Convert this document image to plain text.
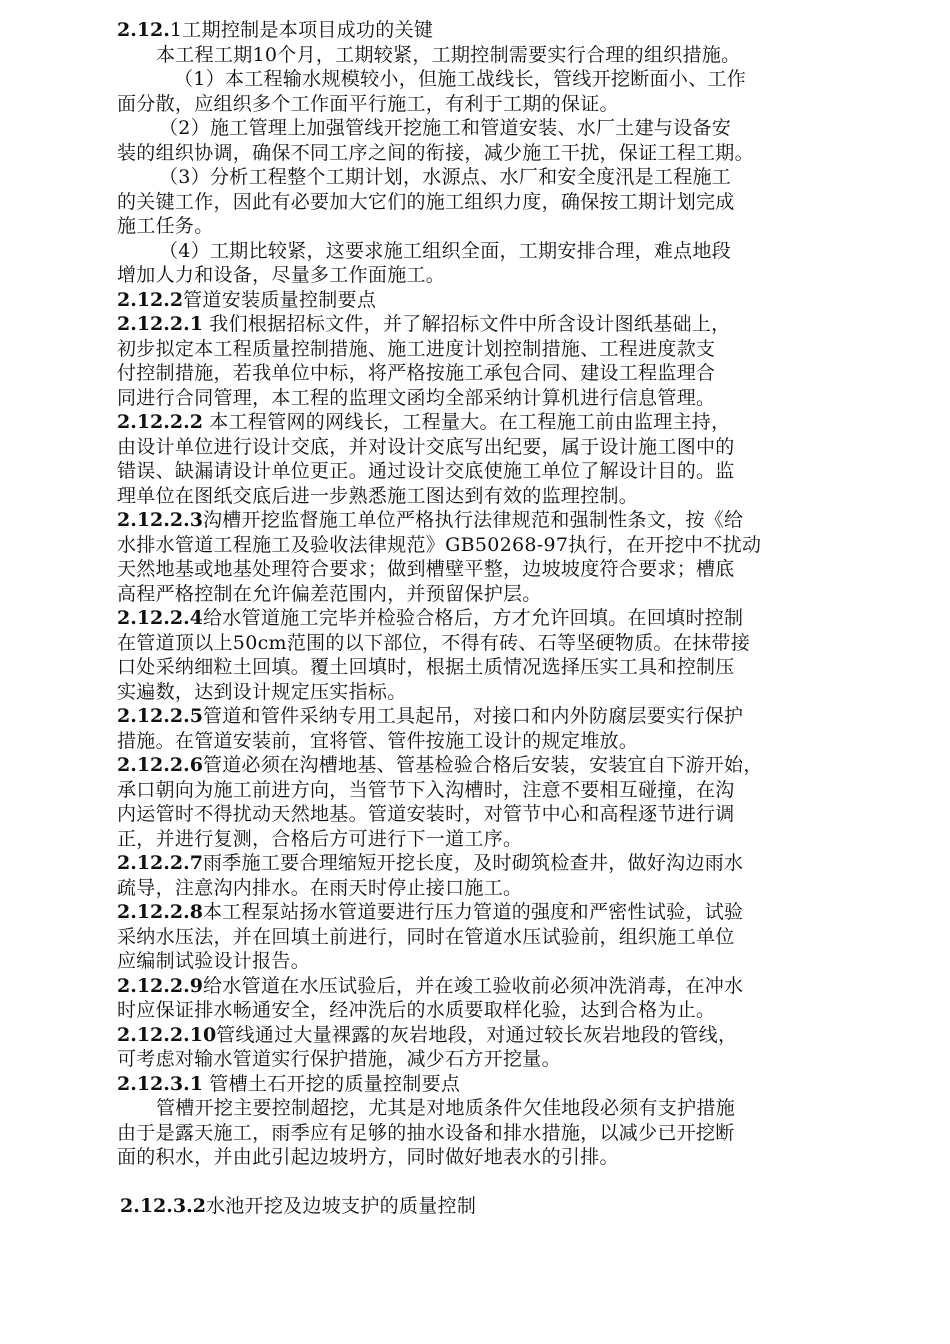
2.12.1工期控制是本项目成功的关键
本工程工期10个月，工期较紧，工期控制需要实行合理的组织措施。
（1）本工程输水规模较小，但施工战线长，管线开挖断面小、工作
面分散，应组织多个工作面平行施工，有利于工期的保证。
（2）施工管理上加强管线开挖施工和管道安装、水厂土建与设备安
装的组织协调，确保不同工序之间的衔接，减少施工干扰，保证工程工期。
（3）分析工程整个工期计划，水源点、水厂和安全度汛是工程施工
的关键工作，因此有必要加大它们的施工组织力度，确保按工期计划完成
施工任务。
（4）工期比较紧，这要求施工组织全面，工期安排合理，难点地段
增加人力和设备，尽量多工作面施工。
2.12.2管道安装质量控制要点
2.12.2.1 我们根据招标文件，并了解招标文件中所含设计图纸基础上，
初步拟定本工程质量控制措施、施工进度计划控制措施、工程进度款支
付控制措施，若我单位中标，将严格按施工承包合同、建设工程监理合
同进行合同管理，本工程的监理文函均全部采纳计算机进行信息管理。
2.12.2.2 本工程管网的网线长，工程量大。在工程施工前由监理主持，
由设计单位进行设计交底，并对设计交底写出纪要，属于设计施工图中的
错误、缺漏请设计单位更正。通过设计交底使施工单位了解设计目的。监
理单位在图纸交底后进一步熟悉施工图达到有效的监理控制。
2.12.2.3沟槽开挖监督施工单位严格执行法律规范和强制性条文，按《给
水排水管道工程施工及验收法律规范》GB50268-97执行，在开挖中不扰动
天然地基或地基处理符合要求；做到槽壁平整，边坡坡度符合要求；槽底
高程严格控制在允许偏差范围内，并预留保护层。
2.12.2.4给水管道施工完毕并检验合格后，方才允许回填。在回填时控制
在管道顶以上50cm范围的以下部位，不得有砖、石等坚硬物质。在抹带接
口处采纳细粒土回填。覆土回填时，根据土质情况选择压实工具和控制压
实遍数，达到设计规定压实指标。
2.12.2.5管道和管件采纳专用工具起吊，对接口和内外防腐层要实行保护
措施。在管道安装前，宜将管、管件按施工设计的规定堆放。
2.12.2.6管道必须在沟槽地基、管基检验合格后安装，安装宜自下游开始，
承口朝向为施工前进方向，当管节下入沟槽时，注意不要相互碰撞，在沟
内运管时不得扰动天然地基。管道安装时，对管节中心和高程逐节进行调
正，并进行复测，合格后方可进行下一道工序。
2.12.2.7雨季施工要合理缩短开挖长度，及时砌筑检查井，做好沟边雨水
疏导，注意沟内排水。在雨天时停止接口施工。
2.12.2.8本工程泵站扬水管道要进行压力管道的强度和严密性试验，试验
采纳水压法，并在回填土前进行，同时在管道水压试验前，组织施工单位
应编制试验设计报告。
2.12.2.9给水管道在水压试验后，并在竣工验收前必须冲洗消毒，在冲水
时应保证排水畅通安全，经冲洗后的水质要取样化验，达到合格为止。
2.12.2.10管线通过大量裸露的灰岩地段，对通过较长灰岩地段的管线，
可考虑对输水管道实行保护措施，减少石方开挖量。
2.12.3.1 管槽土石开挖的质量控制要点
管槽开挖主要控制超挖，尤其是对地质条件欠佳地段必须有支护措施
由于是露天施工，雨季应有足够的抽水设备和排水措施，以减少已开挖断
面的积水，并由此引起边坡坍方，同时做好地表水的引排。
2.12.3.2水池开挖及边坡支护的质量控制
